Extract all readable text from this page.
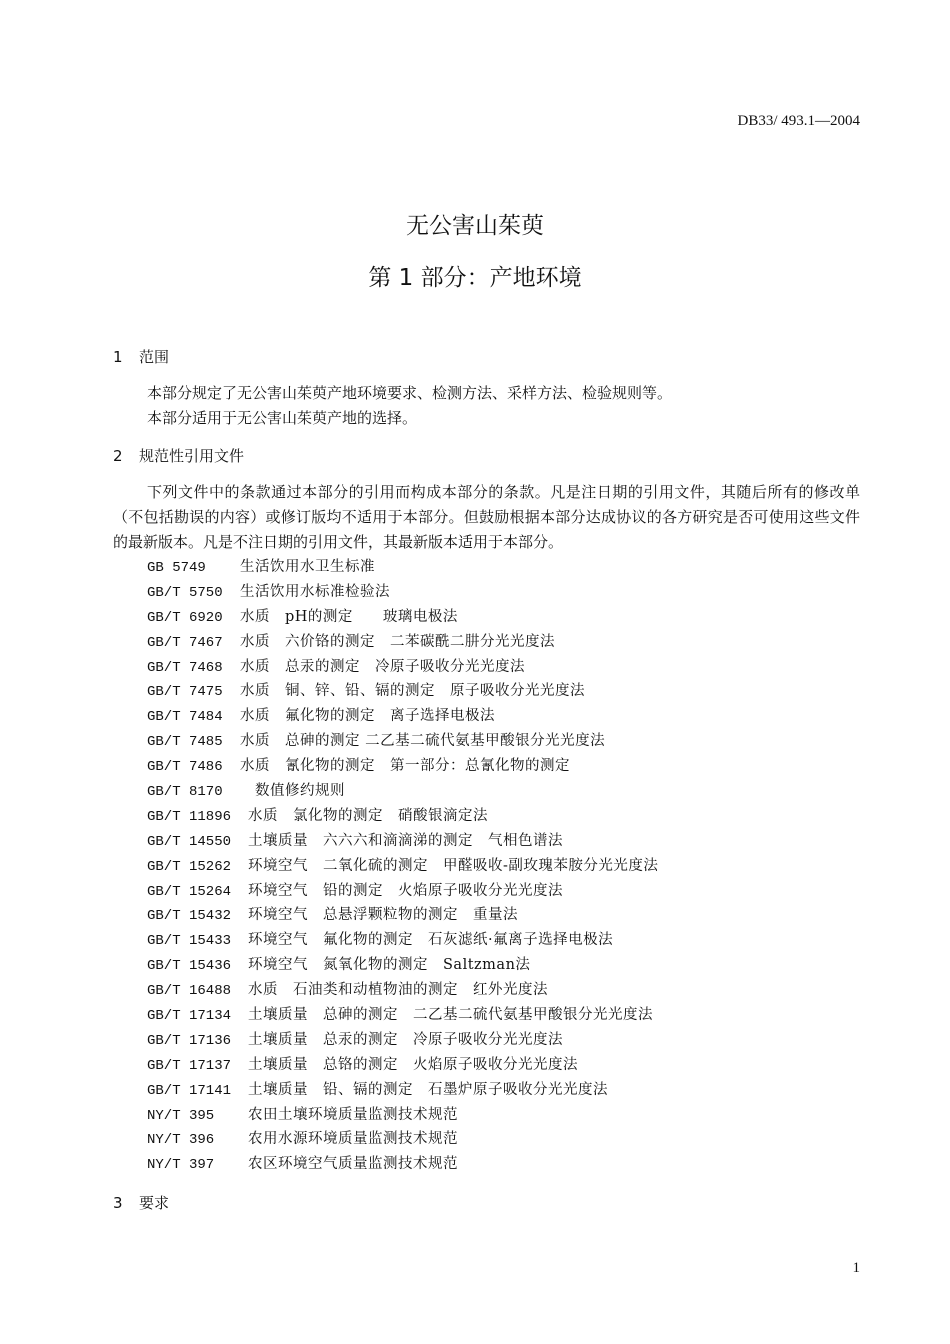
DB33/ 493.1—2004
无公害山茱萸
第 1 部分：产地环境
1 范围

本部分规定了无公害山茱萸产地环境要求、检测方法、采样方法、检验规则等。

本部分适用于无公害山茱萸产地的选择。

2 规范性引用文件

下列文件中的条款通过本部分的引用而构成本部分的条款。凡是注日期的引用文件，其随后所有的修改单（不包括勘误的内容）或修订版均不适用于本部分。但鼓励根据本部分达成协议的各方研究是否可使用这些文件的最新版本。凡是不注日期的引用文件，其最新版本适用于本部分。

GB 5749 生活饮用水卫生标准
GB/T 5750 生活饮用水标准检验法
GB/T 6920 水质　pH的测定　　玻璃电极法
GB/T 7467 水质　六价铬的测定　二苯碳酰二肼分光光度法
GB/T 7468 水质　总汞的测定　冷原子吸收分光光度法
GB/T 7475 水质　铜、锌、铅、镉的测定　原子吸收分光光度法
GB/T 7484 水质　氟化物的测定　离子选择电极法
GB/T 7485 水质　总砷的测定 二乙基二硫代氨基甲酸银分光光度法
GB/T 7486 水质　氰化物的测定　第一部分：总氰化物的测定
GB/T 8170　数值修约规则
GB/T 11896 水质　氯化物的测定　硝酸银滴定法
GB/T 14550 土壤质量　六六六和滴滴涕的测定　气相色谱法
GB/T 15262 环境空气　二氧化硫的测定　甲醛吸收-副玫瑰苯胺分光光度法
GB/T 15264 环境空气　铅的测定　火焰原子吸收分光光度法
GB/T 15432 环境空气　总悬浮颗粒物的测定　重量法
GB/T 15433 环境空气　氟化物的测定　石灰滤纸·氟离子选择电极法
GB/T 15436 环境空气　氮氧化物的测定　Saltzman法
GB/T 16488 水质　石油类和动植物油的测定　红外光度法
GB/T 17134 土壤质量　总砷的测定　二乙基二硫代氨基甲酸银分光光度法
GB/T 17136 土壤质量　总汞的测定　冷原子吸收分光光度法
GB/T 17137 土壤质量　总铬的测定　火焰原子吸收分光光度法
GB/T 17141 土壤质量　铅、镉的测定　石墨炉原子吸收分光光度法
NY/T 395 农田土壤环境质量监测技术规范
NY/T 396 农用水源环境质量监测技术规范
NY/T 397 农区环境空气质量监测技术规范
3 要求
1
